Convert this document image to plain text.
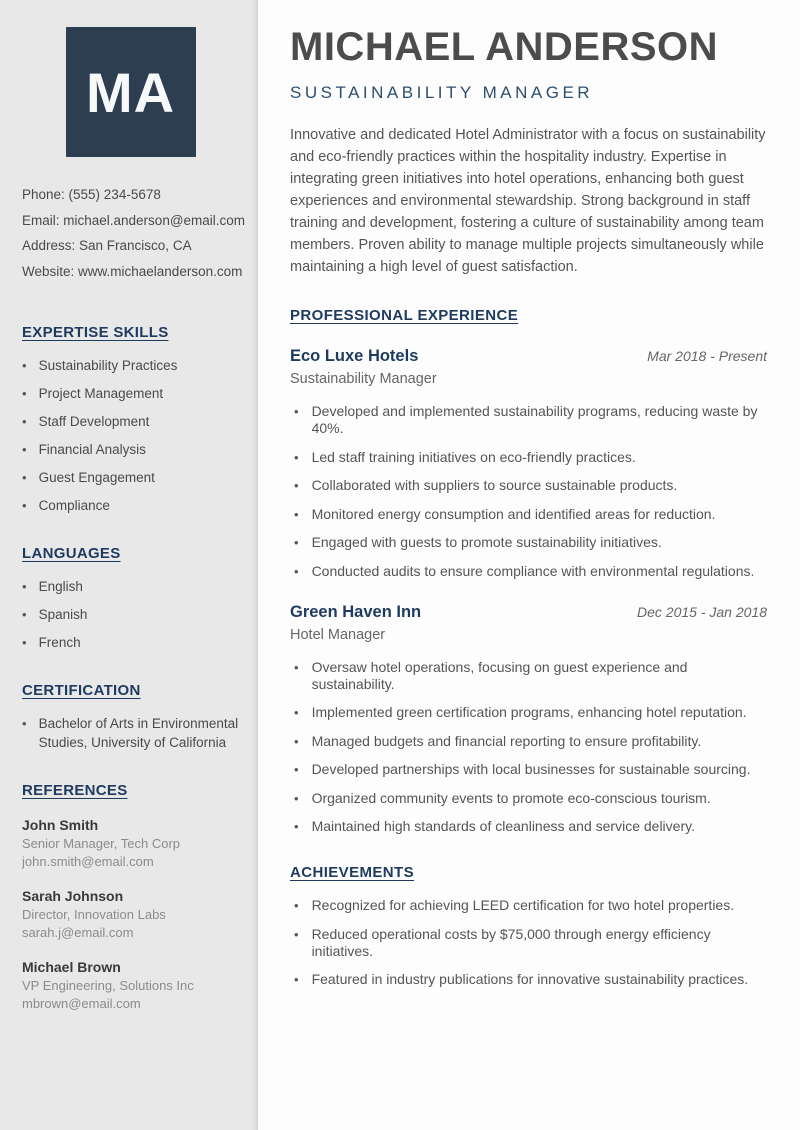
MA
Phone: (555) 234-5678
Email: michael.anderson@email.com
Address: San Francisco, CA
Website: www.michaelanderson.com
EXPERTISE SKILLS
•
Sustainability Practices
•
Project Management
•
Staff Development
•
Financial Analysis
•
Guest Engagement
•
Compliance
LANGUAGES
•
English
•
Spanish
•
French
CERTIFICATION
•
Bachelor of Arts in Environmental Studies, University of California
REFERENCES
John Smith
Senior Manager, Tech Corp
john.smith@email.com
Sarah Johnson
Director, Innovation Labs
sarah.j@email.com
Michael Brown
VP Engineering, Solutions Inc
mbrown@email.com
MICHAEL ANDERSON
SUSTAINABILITY MANAGER

Innovative and dedicated Hotel Administrator with a focus on sustainability and eco-friendly practices within the hospitality industry. Expertise in integrating green initiatives into hotel operations, enhancing both guest experiences and environmental stewardship. Strong background in staff training and development, fostering a culture of sustainability among team members. Proven ability to manage multiple projects simultaneously while maintaining a high level of guest satisfaction.

PROFESSIONAL EXPERIENCE
Eco Luxe Hotels	Mar 2018 - Present
Sustainability Manager
•
Developed and implemented sustainability programs, reducing waste by 40%.
•
Led staff training initiatives on eco-friendly practices.
•
Collaborated with suppliers to source sustainable products.
•
Monitored energy consumption and identified areas for reduction.
•
Engaged with guests to promote sustainability initiatives.
•
Conducted audits to ensure compliance with environmental regulations.
Green Haven Inn	Dec 2015 - Jan 2018
Hotel Manager
•
Oversaw hotel operations, focusing on guest experience and sustainability.
•
Implemented green certification programs, enhancing hotel reputation.
•
Managed budgets and financial reporting to ensure profitability.
•
Developed partnerships with local businesses for sustainable sourcing.
•
Organized community events to promote eco-conscious tourism.
•
Maintained high standards of cleanliness and service delivery.
ACHIEVEMENTS
•
Recognized for achieving LEED certification for two hotel properties.
•
Reduced operational costs by $75,000 through energy efficiency initiatives.
•
Featured in industry publications for innovative sustainability practices.
